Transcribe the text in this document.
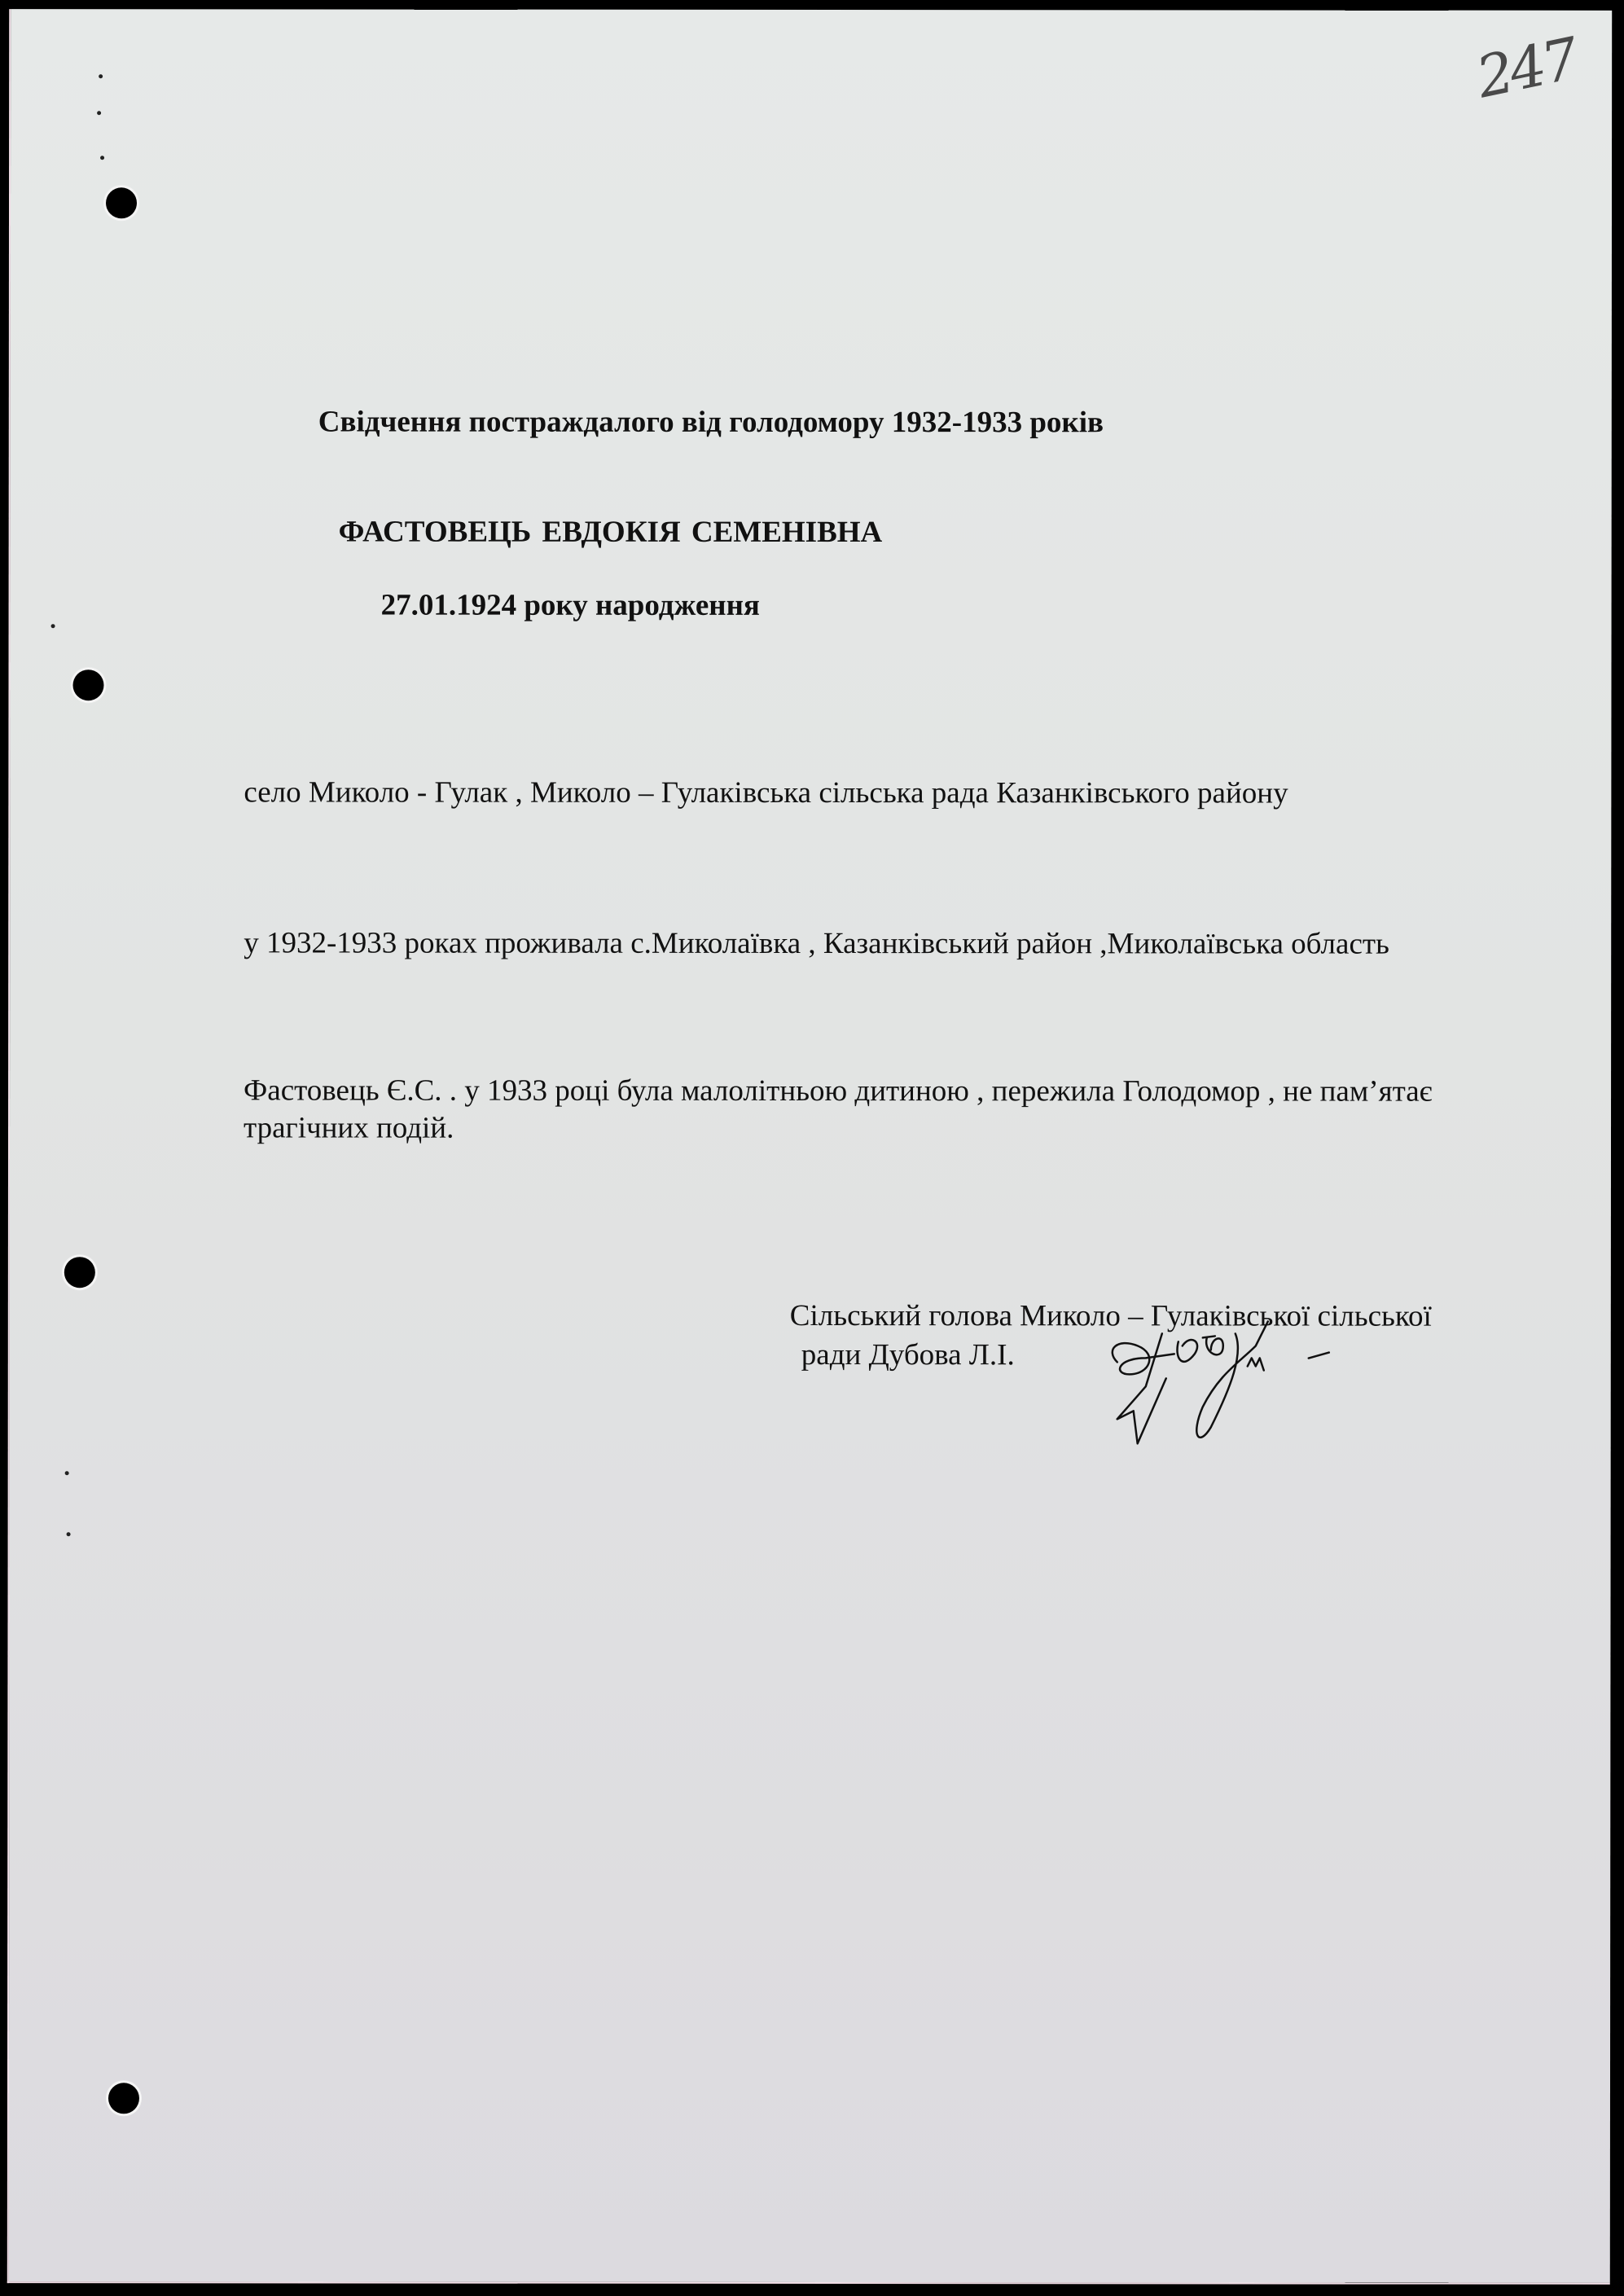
247
Свідчення постраждалого від голодомору 1932-1933 років
ФАСТОВЕЦЬ ЕВДОКІЯ СЕМЕНІВНА
27.01.1924 року народження
село Миколо - Гулак , Миколо – Гулаківська сільська рада Казанківського району
у 1932-1933 роках проживала с.Миколаївка , Казанківський район ,Миколаївська область
Фастовець Є.С. . у 1933 році була малолітньою дитиною , пережила Голодомор , не пам’ятає трагічних подій.
Сільський голова Миколо – Гулаківської сільської
ради Дубова Л.І.
